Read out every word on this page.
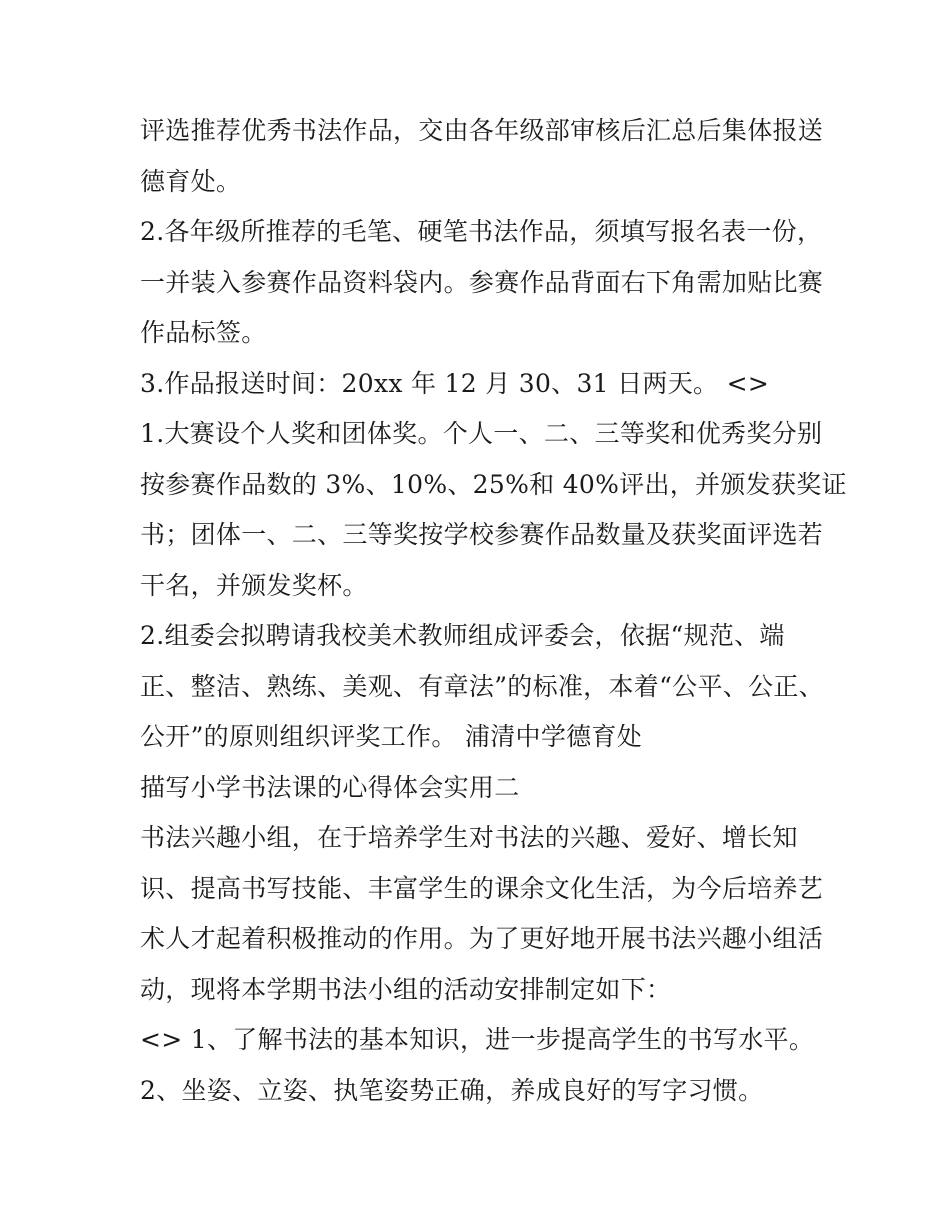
评选推荐优秀书法作品，交由各年级部审核后汇总后集体报送
德育处。
2.各年级所推荐的毛笔、硬笔书法作品，须填写报名表一份，
一并装入参赛作品资料袋内。参赛作品背面右下角需加贴比赛
作品标签。
3.作品报送时间：20xx 年 12 月 30、31 日两天。 <>
1.大赛设个人奖和团体奖。个人一、二、三等奖和优秀奖分别
按参赛作品数的 3%、10%、25%和 40%评出，并颁发获奖证
书；团体一、二、三等奖按学校参赛作品数量及获奖面评选若
干名，并颁发奖杯。
2.组委会拟聘请我校美术教师组成评委会，依据“规范、端
正、整洁、熟练、美观、有章法”的标准，本着“公平、公正、
公开”的原则组织评奖工作。 浦清中学德育处
描写小学书法课的心得体会实用二
书法兴趣小组，在于培养学生对书法的兴趣、爱好、增长知
识、提高书写技能、丰富学生的课余文化生活，为今后培养艺
术人才起着积极推动的作用。为了更好地开展书法兴趣小组活
动，现将本学期书法小组的活动安排制定如下：
<> 1、了解书法的基本知识，进一步提高学生的书写水平。
2、坐姿、立姿、执笔姿势正确，养成良好的写字习惯。
